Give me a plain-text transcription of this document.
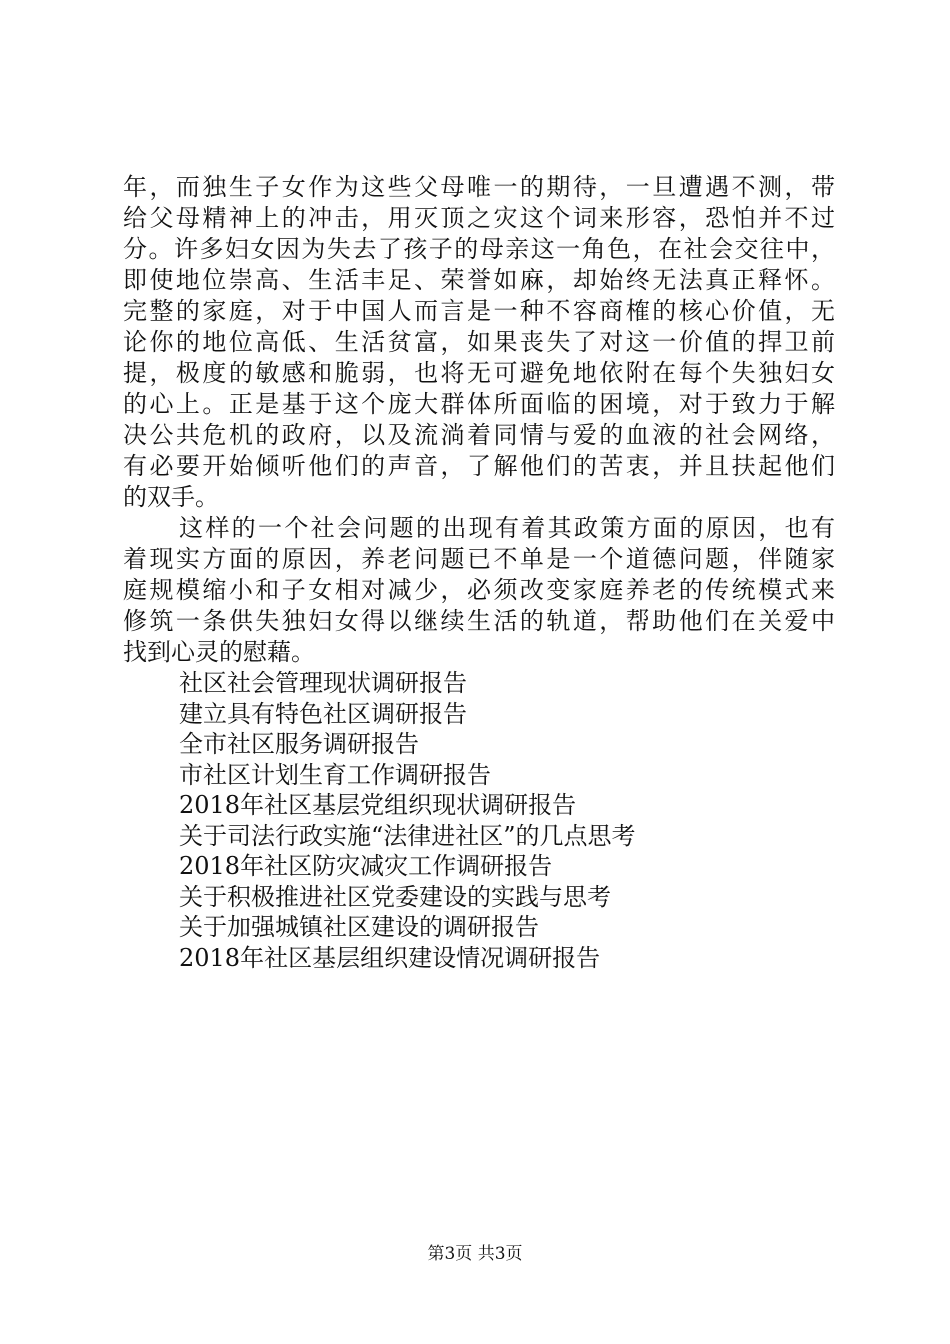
年，而独生子女作为这些父母唯一的期待，一旦遭遇不测，带
给父母精神上的冲击，用灭顶之灾这个词来形容，恐怕并不过
分。许多妇女因为失去了孩子的母亲这一角色，在社会交往中，
即使地位崇高、生活丰足、荣誉如麻，却始终无法真正释怀。
完整的家庭，对于中国人而言是一种不容商榷的核心价值，无
论你的地位高低、生活贫富，如果丧失了对这一价值的捍卫前
提，极度的敏感和脆弱，也将无可避免地依附在每个失独妇女
的心上。正是基于这个庞大群体所面临的困境，对于致力于解
决公共危机的政府，以及流淌着同情与爱的血液的社会网络，
有必要开始倾听他们的声音，了解他们的苦衷，并且扶起他们
的双手。
这样的一个社会问题的出现有着其政策方面的原因，也有
着现实方面的原因，养老问题已不单是一个道德问题，伴随家
庭规模缩小和子女相对减少，必须改变家庭养老的传统模式来
修筑一条供失独妇女得以继续生活的轨道，帮助他们在关爱中
找到心灵的慰藉。
社区社会管理现状调研报告
建立具有特色社区调研报告
全市社区服务调研报告
市社区计划生育工作调研报告
2018年社区基层党组织现状调研报告
关于司法行政实施“法律进社区”的几点思考
2018年社区防灾减灾工作调研报告
关于积极推进社区党委建设的实践与思考
关于加强城镇社区建设的调研报告
2018年社区基层组织建设情况调研报告
第3页 共3页
